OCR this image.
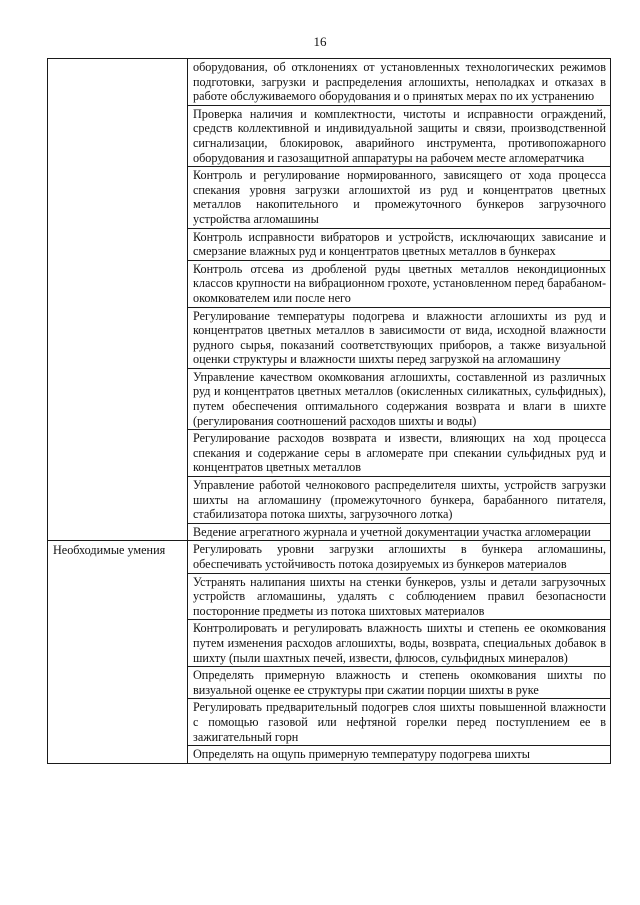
16
	оборудования, об отклонениях от установленных технологических режимов подготовки, загрузки и распределения аглошихты, неполадках и отказах в работе обслуживаемого оборудования и о принятых мерах по их устранению
	Проверка наличия и комплектности, чистоты и исправности ограждений, средств коллективной и индивидуальной защиты и связи, производственной сигнализации, блокировок, аварийного инструмента, противопожарного оборудования и газозащитной аппаратуры на рабочем месте агломератчика
	Контроль и регулирование нормированного, зависящего от хода процесса спекания уровня загрузки аглошихтой из руд и концентратов цветных металлов накопительного и промежуточного бункеров загрузочного устройства агломашины
	Контроль исправности вибраторов и устройств, исключающих зависание и смерзание влажных руд и концентратов цветных металлов в бункерах
	Контроль отсева из дробленой руды цветных металлов некондиционных классов крупности на вибрационном грохоте, установленном перед барабаном-окомкователем или после него
	Регулирование температуры подогрева и влажности аглошихты из руд и концентратов цветных металлов в зависимости от вида, исходной влажности рудного сырья, показаний соответствующих приборов, а также визуальной оценки структуры и влажности шихты перед загрузкой на агломашину
	Управление качеством окомкования аглошихты, составленной из различных руд и концентратов цветных металлов (окисленных силикатных, сульфидных), путем обеспечения оптимального содержания возврата и влаги в шихте (регулирования соотношений расходов шихты и воды)
	Регулирование расходов возврата и извести, влияющих на ход процесса спекания и содержание серы в агломерате при спекании сульфидных руд и концентратов цветных металлов
	Управление работой челнокового распределителя шихты, устройств загрузки шихты на агломашину (промежуточного бункера, барабанного питателя, стабилизатора потока шихты, загрузочного лотка)
	Ведение агрегатного журнала и учетной документации участка агломерации
Необходимые умения	Регулировать уровни загрузки аглошихты в бункера агломашины, обеспечивать устойчивость потока дозируемых из бункеров материалов
	Устранять налипания шихты на стенки бункеров, узлы и детали загрузочных устройств агломашины, удалять с соблюдением правил безопасности посторонние предметы из потока шихтовых материалов
	Контролировать и регулировать влажность шихты и степень ее окомкования путем изменения расходов аглошихты, воды, возврата, специальных добавок в шихту (пыли шахтных печей, извести, флюсов, сульфидных минералов)
	Определять примерную влажность и степень окомкования шихты по визуальной оценке ее структуры при сжатии порции шихты в руке
	Регулировать предварительный подогрев слоя шихты повышенной влажности с помощью газовой или нефтяной горелки перед поступлением ее в зажигательный горн
	Определять на ощупь примерную температуру подогрева шихты
